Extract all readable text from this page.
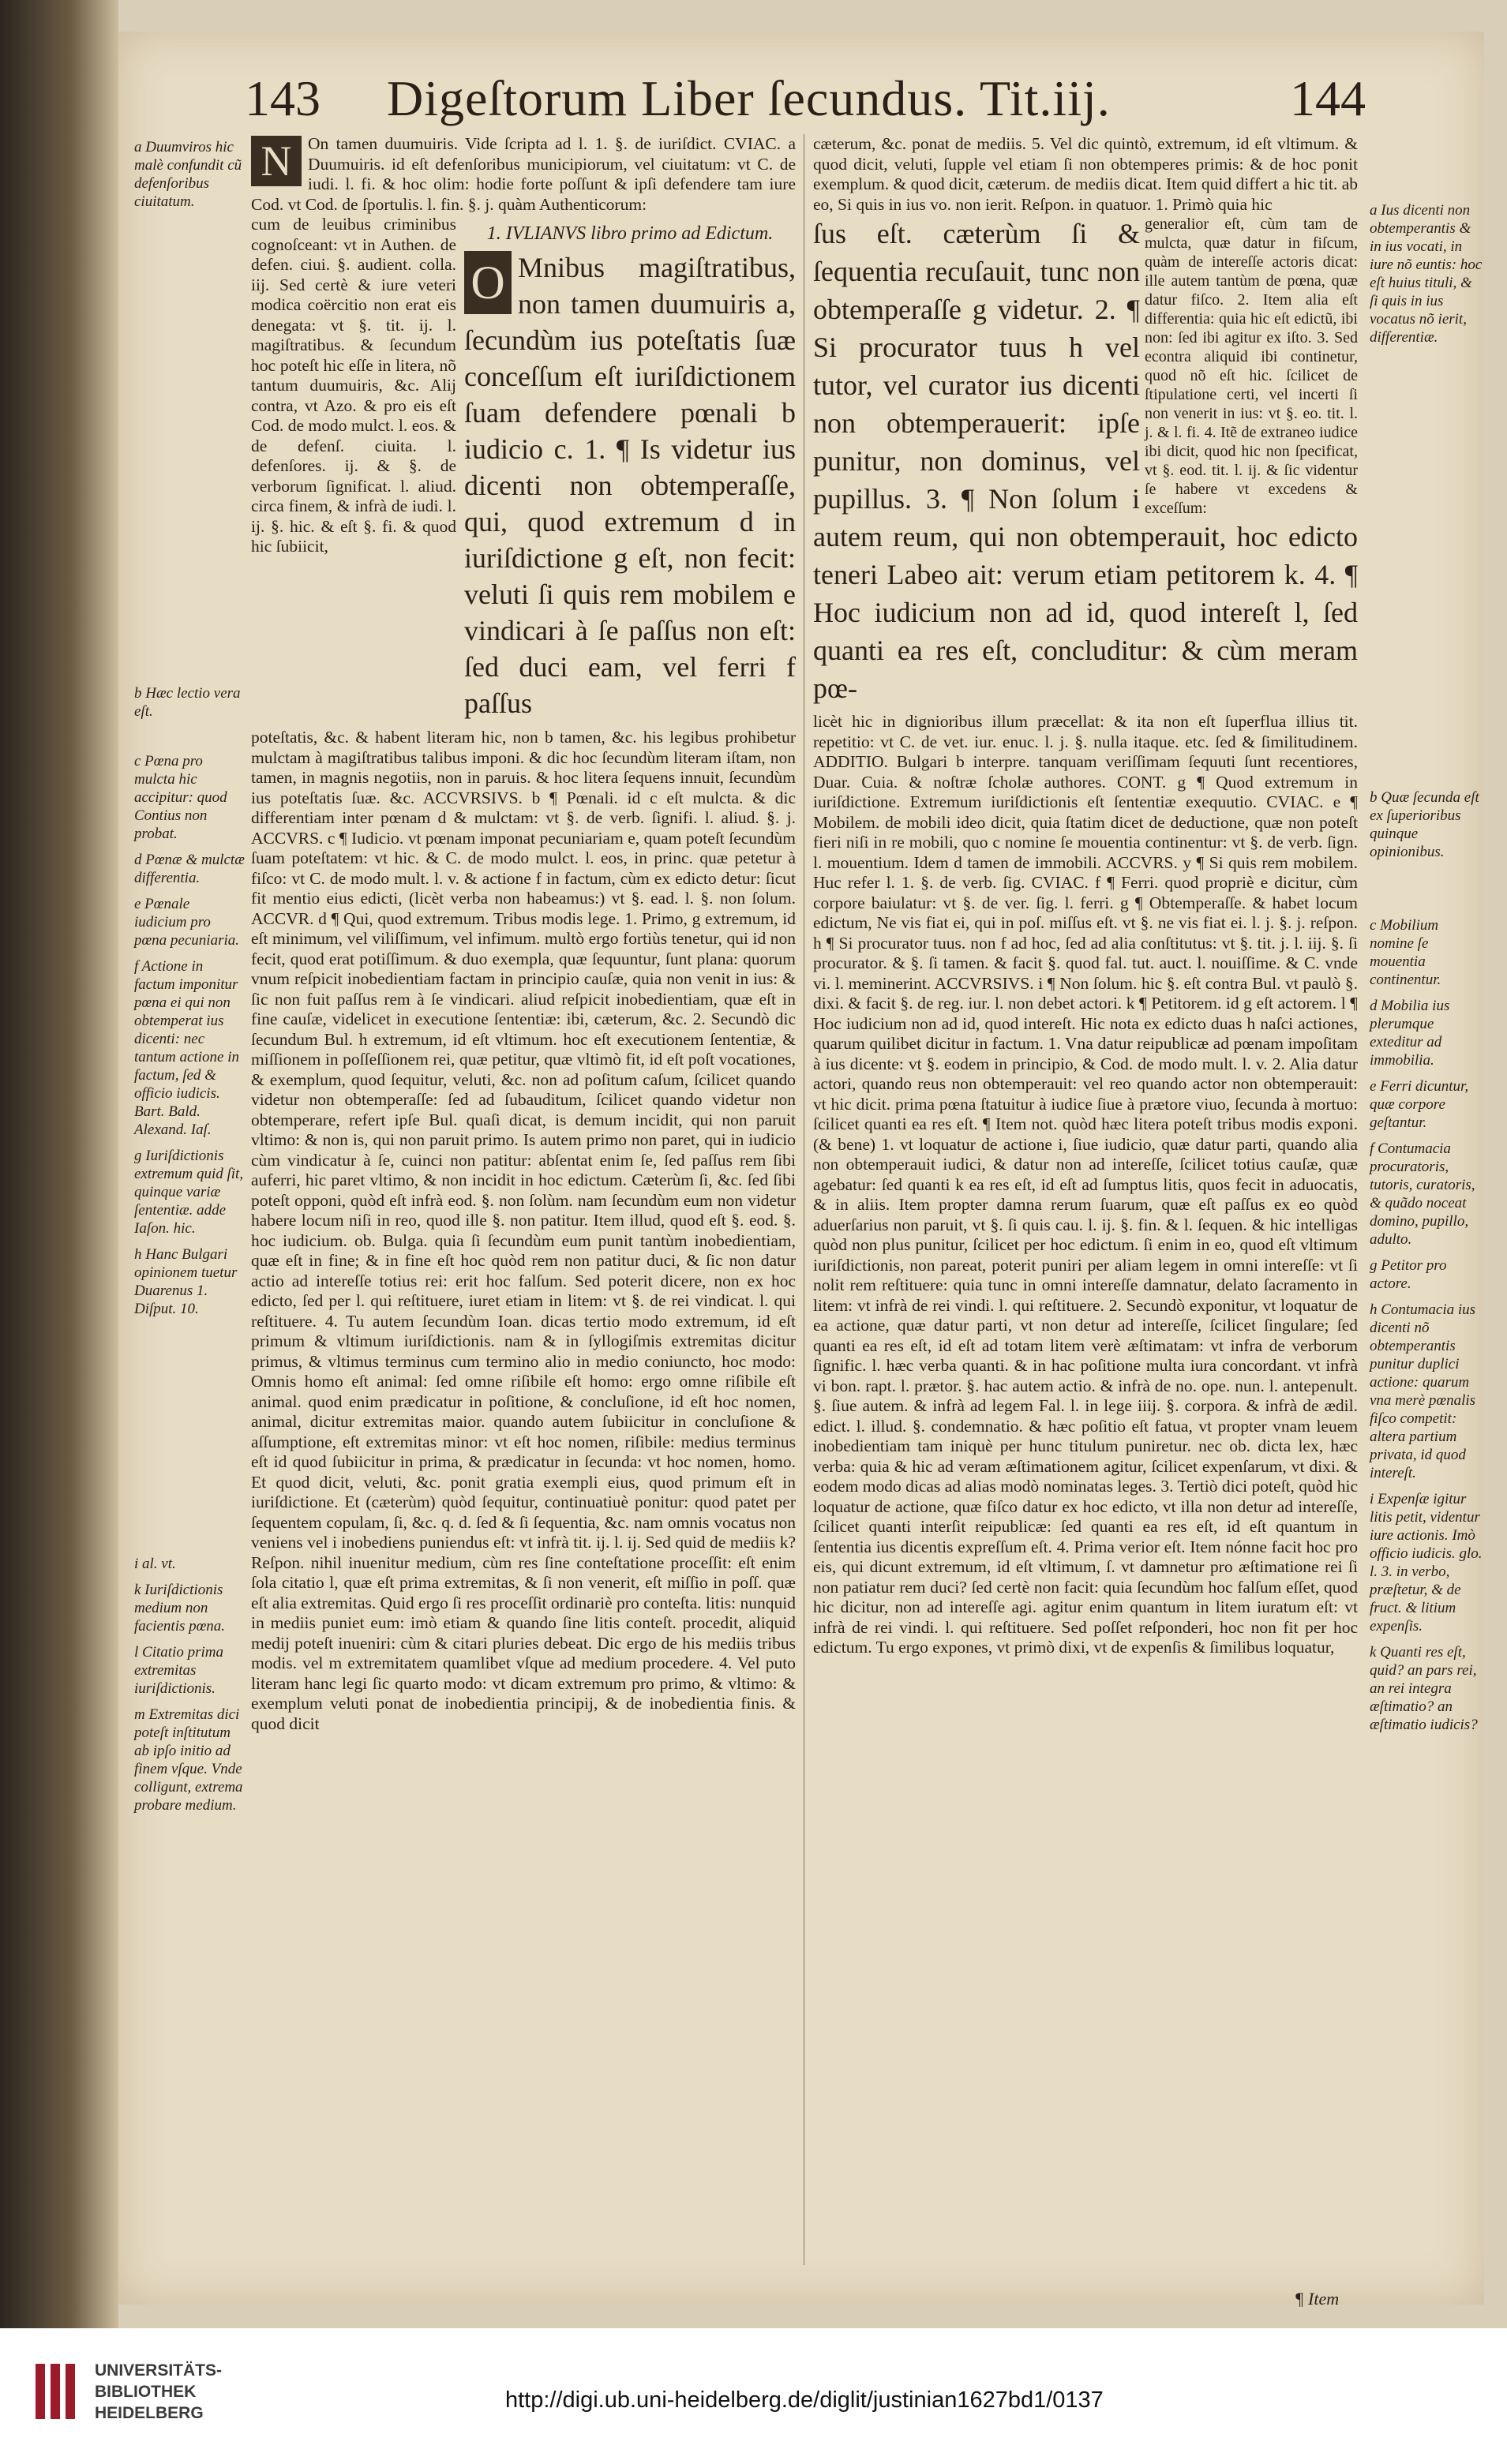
143 Digeſtorum Liber ſecundus. Tit.iij.	144

a Duumviros hic malè confundit cũ defenſoribus ciuitatum.

b Hæc lectio vera eſt.

c Pœna pro mulcta hic accipitur: quod Contius non probat.

d Pœnæ & mulctæ differentia.

e Pœnale iudicium pro pœna pecuniaria.

f Actione in factum imponitur pœna ei qui non obtemperat ius dicenti: nec tantum actione in factum, ſed & officio iudicis. Bart. Bald. Alexand. Iaſ.

g Iuriſdictionis extremum quid ſit, quinque variæ ſententiæ. adde Iaſon. hic.

h Hanc Bulgari opinionem tuetur Duarenus 1. Diſput. 10.

i al. vt.

k Iuriſdictionis medium non facientis pœna.

l Citatio prima extremitas iuriſdictionis.

m Extremitas dici poteſt inſtitutum ab ipſo initio ad finem vſque. Vnde colligunt, extrema probare medium.

N On tamen duumuiris. Vide ſcripta ad l. 1. §. de iuriſdict. CVIAC. a Duumuiris. id eſt defenſoribus municipiorum, vel ciuitatum: vt C. de iudi. l. fi. & hoc olim: hodie forte poſſunt & ipſi defendere tam iure Cod. vt Cod. de ſportulis. l. fin. §. j. quàm Authenticorum:

1. IVLIANVS libro primo ad Edictum.
O Mnibus magiſtratibus, non tamen duumuiris a, ſecundùm ius poteſtatis ſuæ conceſſum eſt iuriſdictionem ſuam defendere pœnali b iudicio c. 1. ¶ Is videtur ius dicenti non obtemperaſſe, qui, quod extremum d in iuriſdictione g eſt, non fecit: veluti ſi quis rem mobilem e vindicari à ſe paſſus non eſt: ſed duci eam, vel ferri f paſſus

cum de leuibus criminibus cognoſceant: vt in Authen. de defen. ciui. §. audient. colla. iij. Sed certè & iure veteri modica coërcitio non erat eis denegata: vt §. tit. ij. l. magiſtratibus. & ſecundum hoc poteſt hic eſſe in litera, nõ tantum duumuiris, &c. Alij contra, vt Azo. & pro eis eſt Cod. de modo mulct. l. eos. & de defenſ. ciuita. l. defenſores. ij. & §. de verborum ſignificat. l. aliud. circa finem, & infrà de iudi. l. ij. §. hic. & eſt §. fi. & quod hic ſubiicit,

poteſtatis, &c. & habent literam hic, non b tamen, &c. his legibus prohibetur mulctam à magiſtratibus talibus imponi. & dic hoc ſecundùm literam iſtam, non tamen, in magnis negotiis, non in paruis. & hoc litera ſequens innuit, ſecundùm ius poteſtatis ſuæ. &c. ACCVRSIVS. b ¶ Pœnali. id c eſt mulcta. & dic differentiam inter pœnam d & mulctam: vt §. de verb. ſignifi. l. aliud. §. j. ACCVRS. c ¶ Iudicio. vt pœnam imponat pecuniariam e, quam poteſt ſecundùm ſuam poteſtatem: vt hic. & C. de modo mulct. l. eos, in princ. quæ petetur à fiſco: vt C. de modo mult. l. v. & actione f in factum, cùm ex edicto detur: ſicut fit mentio eius edicti, (licèt verba non habeamus:) vt §. ead. l. §. non ſolum. ACCVR. d ¶ Qui, quod extremum. Tribus modis lege. 1. Primo, g extremum, id eſt minimum, vel viliſſimum, vel infimum. multò ergo fortiùs tenetur, qui id non fecit, quod erat potiſſimum. & duo exempla, quæ ſequuntur, ſunt plana: quorum vnum reſpicit inobedientiam factam in principio cauſæ, quia non venit in ius: & ſic non fuit paſſus rem à ſe vindicari. aliud reſpicit inobedientiam, quæ eſt in fine cauſæ, videlicet in executione ſententiæ: ibi, cæterum, &c. 2. Secundò dic ſecundum Bul. h extremum, id eſt vltimum. hoc eſt executionem ſententiæ, & miſſionem in poſſeſſionem rei, quæ petitur, quæ vltimò fit, id eſt poſt vocationes, & exemplum, quod ſequitur, veluti, &c. non ad poſitum caſum, ſcilicet quando videtur non obtemperaſſe: ſed ad ſubauditum, ſcilicet quando videtur non obtemperare, refert ipſe Bul. quaſi dicat, is demum incidit, qui non paruit vltimo: & non is, qui non paruit primo. Is autem primo non paret, qui in iudicio cùm vindicatur à ſe, cuinci non patitur: abſentat enim ſe, ſed paſſus rem ſibi auferri, hic paret vltimo, & non incidit in hoc edictum. Cæterùm ſi, &c. ſed ſibi poteſt opponi, quòd eſt infrà eod. §. non ſolùm. nam ſecundùm eum non videtur habere locum niſi in reo, quod ille §. non patitur. Item illud, quod eſt §. eod. §. hoc iudicium. ob. Bulga. quia ſi ſecundùm eum punit tantùm inobedientiam, quæ eſt in fine; & in fine eſt hoc quòd rem non patitur duci, & ſic non datur actio ad intereſſe totius rei: erit hoc falſum. Sed poterit dicere, non ex hoc edicto, ſed per l. qui reſtituere, iuret etiam in litem: vt §. de rei vindicat. l. qui reſtituere. 4. Tu autem ſecundùm Ioan. dicas tertio modo extremum, id eſt primum & vltimum iuriſdictionis. nam & in ſyllogiſmis extremitas dicitur primus, & vltimus terminus cum termino alio in medio coniuncto, hoc modo: Omnis homo eſt animal: ſed omne riſibile eſt homo: ergo omne riſibile eſt animal. quod enim prædicatur in poſitione, & concluſione, id eſt hoc nomen, animal, dicitur extremitas maior. quando autem ſubiicitur in concluſione & aſſumptione, eſt extremitas minor: vt eſt hoc nomen, riſibile: medius terminus eſt id quod ſubiicitur in prima, & prædicatur in ſecunda: vt hoc nomen, homo. Et quod dicit, veluti, &c. ponit gratia exempli eius, quod primum eſt in iuriſdictione. Et (cæterùm) quòd ſequitur, continuatiuè ponitur: quod patet per ſequentem copulam, ſi, &c. q. d. ſed & ſi ſequentia, &c. nam omnis vocatus non veniens vel i inobediens puniendus eſt: vt infrà tit. ij. l. ij. Sed quid de mediis k? Reſpon. nihil inuenitur medium, cùm res ſine conteſtatione proceſſit: eſt enim ſola citatio l, quæ eſt prima extremitas, & ſi non venerit, eſt miſſio in poſſ. quæ eſt alia extremitas. Quid ergo ſi res proceſſit ordinariè pro conteſta. litis: nunquid in mediis puniet eum: imò etiam & quando ſine litis conteſt. procedit, aliquid medij poteſt inueniri: cùm & citari pluries debeat. Dic ergo de his mediis tribus modis. vel m extremitatem quamlibet vſque ad medium procedere. 4. Vel puto literam hanc legi ſic quarto modo: vt dicam extremum pro primo, & vltimo: & exemplum veluti ponat de inobedientia principij, & de inobedientia finis. & quod dicit

cæterum, &c. ponat de mediis. 5. Vel dic quintò, extremum, id eſt vltimum. & quod dicit, veluti, ſupple vel etiam ſi non obtemperes primis: & de hoc ponit exemplum. & quod dicit, cæterum. de mediis dicat. Item quid differt a hic tit. ab eo, Si quis in ius vo. non ierit. Reſpon. in quatuor. 1. Primò quia hic

generalior eſt, cùm tam de mulcta, quæ datur in fiſcum, quàm de intereſſe actoris dicat: ille autem tantùm de pœna, quæ datur fiſco. 2. Item alia eſt differentia: quia hic eſt edictũ, ibi non: ſed ibi agitur ex iſto. 3. Sed econtra aliquid ibi continetur, quod nõ eſt hic. ſcilicet de ſtipulatione certi, vel incerti ſi non venerit in ius: vt §. eo. tit. l. j. & l. fi. 4. Itẽ de extraneo iudice ibi dicit, quod hic non ſpecificat, vt §. eod. tit. l. ij. & ſic videntur ſe habere vt excedens & exceſſum:
ſus eſt. cæterùm ſi & ſequentia recuſauit, tunc non obtemperaſſe g videtur. 2. ¶ Si procurator tuus h vel tutor, vel curator ius dicenti non obtemperauerit: ipſe punitur, non dominus, vel pupillus. 3. ¶ Non ſolum i autem reum, qui non obtemperauit, hoc edicto teneri Labeo ait: verum etiam petitorem k. 4. ¶ Hoc iudicium non ad id, quod intereſt l, ſed quanti ea res eſt, concluditur: & cùm meram pœ-

licèt hic in dignioribus illum præcellat: & ita non eſt ſuperflua illius tit. repetitio: vt C. de vet. iur. enuc. l. j. §. nulla itaque. etc. ſed & ſimilitudinem. ADDITIO. Bulgari b interpre. tanquam veriſſimam ſequuti ſunt recentiores, Duar. Cuia. & noſtræ ſcholæ authores. CONT. g ¶ Quod extremum in iuriſdictione. Extremum iuriſdictionis eſt ſententiæ exequutio. CVIAC. e ¶ Mobilem. de mobili ideo dicit, quia ſtatim dicet de deductione, quæ non poteſt fieri niſi in re mobili, quo c nomine ſe mouentia continentur: vt §. de verb. ſign. l. mouentium. Idem d tamen de immobili. ACCVRS. y ¶ Si quis rem mobilem. Huc refer l. 1. §. de verb. ſig. CVIAC. f ¶ Ferri. quod propriè e dicitur, cùm corpore baiulatur: vt §. de ver. ſig. l. ferri. g ¶ Obtemperaſſe. & habet locum edictum, Ne vis fiat ei, qui in poſ. miſſus eſt. vt §. ne vis fiat ei. l. j. §. j. reſpon. h ¶ Si procurator tuus. non f ad hoc, ſed ad alia conſtitutus: vt §. tit. j. l. iij. §. ſi procurator. & §. ſi tamen. & facit §. quod fal. tut. auct. l. nouiſſime. & C. vnde vi. l. meminerint. ACCVRSIVS. i ¶ Non ſolum. hic §. eſt contra Bul. vt paulò §. dixi. & facit §. de reg. iur. l. non debet actori. k ¶ Petitorem. id g eſt actorem. l ¶ Hoc iudicium non ad id, quod intereſt. Hic nota ex edicto duas h naſci actiones, quarum quilibet dicitur in factum. 1. Vna datur reipublicæ ad pœnam impoſitam à ius dicente: vt §. eodem in principio, & Cod. de modo mult. l. v. 2. Alia datur actori, quando reus non obtemperauit: vel reo quando actor non obtemperauit: vt hic dicit. prima pœna ſtatuitur à iudice ſiue à prætore viuo, ſecunda à mortuo: ſcilicet quanti ea res eſt. ¶ Item not. quòd hæc litera poteſt tribus modis exponi. (& bene) 1. vt loquatur de actione i, ſiue iudicio, quæ datur parti, quando alia non obtemperauit iudici, & datur non ad intereſſe, ſcilicet totius cauſæ, quæ agebatur: ſed quanti k ea res eſt, id eſt ad ſumptus litis, quos fecit in aduocatis, & in aliis. Item propter damna rerum ſuarum, quæ eſt paſſus ex eo quòd aduerſarius non paruit, vt §. ſi quis cau. l. ij. §. fin. & l. ſequen. & hic intelligas quòd non plus punitur, ſcilicet per hoc edictum. ſi enim in eo, quod eſt vltimum iuriſdictionis, non pareat, poterit puniri per aliam legem in omni intereſſe: vt ſi nolit rem reſtituere: quia tunc in omni intereſſe damnatur, delato ſacramento in litem: vt infrà de rei vindi. l. qui reſtituere. 2. Secundò exponitur, vt loquatur de ea actione, quæ datur parti, vt non detur ad intereſſe, ſcilicet ſingulare; ſed quanti ea res eſt, id eſt ad totam litem verè æſtimatam: vt infra de verborum ſignific. l. hæc verba quanti. & in hac poſitione multa iura concordant. vt infrà vi bon. rapt. l. prætor. §. hac autem actio. & infrà de no. ope. nun. l. antepenult. §. ſiue autem. & infrà ad legem Fal. l. in lege iiij. §. corpora. & infrà de ædil. edict. l. illud. §. condemnatio. & hæc poſitio eſt fatua, vt propter vnam leuem inobedientiam tam iniquè per hunc titulum puniretur. nec ob. dicta lex, hæc verba: quia & hic ad veram æſtimationem agitur, ſcilicet expenſarum, vt dixi. & eodem modo dicas ad alias modò nominatas leges. 3. Tertiò dici poteſt, quòd hic loquatur de actione, quæ fiſco datur ex hoc edicto, vt illa non detur ad intereſſe, ſcilicet quanti interſit reipublicæ: ſed quanti ea res eſt, id eſt quantum in ſententia ius dicentis expreſſum eſt. 4. Prima verior eſt. Item nónne facit hoc pro eis, qui dicunt extremum, id eſt vltimum, ſ. vt damnetur pro æſtimatione rei ſi non patiatur rem duci? ſed certè non facit: quia ſecundùm hoc falſum eſſet, quod hic dicitur, non ad intereſſe agi. agitur enim quantum in litem iuratum eſt: vt infrà de rei vindi. l. qui reſtituere. Sed poſſet reſponderi, hoc non fit per hoc edictum. Tu ergo expones, vt primò dixi, vt de expenſis & ſimilibus loquatur,

a Ius dicenti non obtemperantis & in ius vocati, in iure nõ euntis: hoc eſt huius tituli, & ſi quis in ius vocatus nõ ierit, differentiæ.

b Quæ ſecunda eſt ex ſuperioribus quinque opinionibus.

c Mobilium nomine ſe mouentia continentur.

d Mobilia ius plerumque exteditur ad immobilia.

e Ferri dicuntur, quæ corpore geſtantur.

f Contumacia procuratoris, tutoris, curatoris, & quãdo noceat domino, pupillo, adulto.

g Petitor pro actore.

h Contumacia ius dicenti nõ obtemperantis punitur duplici actione: quarum vna merè pœnalis fiſco competit: altera partium privata, id quod intereſt.

i Expenſæ igitur litis petit, videntur iure actionis. Imò officio iudicis. glo. l. 3. in verbo, præſtetur, & de fruct. & litium expenſis.

k Quanti res eſt, quid? an pars rei, an rei integra æſtimatio? an æſtimatio iudicis?

¶ Item
UNIVERSITÄTS- BIBLIOTHEK HEIDELBERG
http://digi.ub.uni-heidelberg.de/diglit/justinian1627bd1/0137
